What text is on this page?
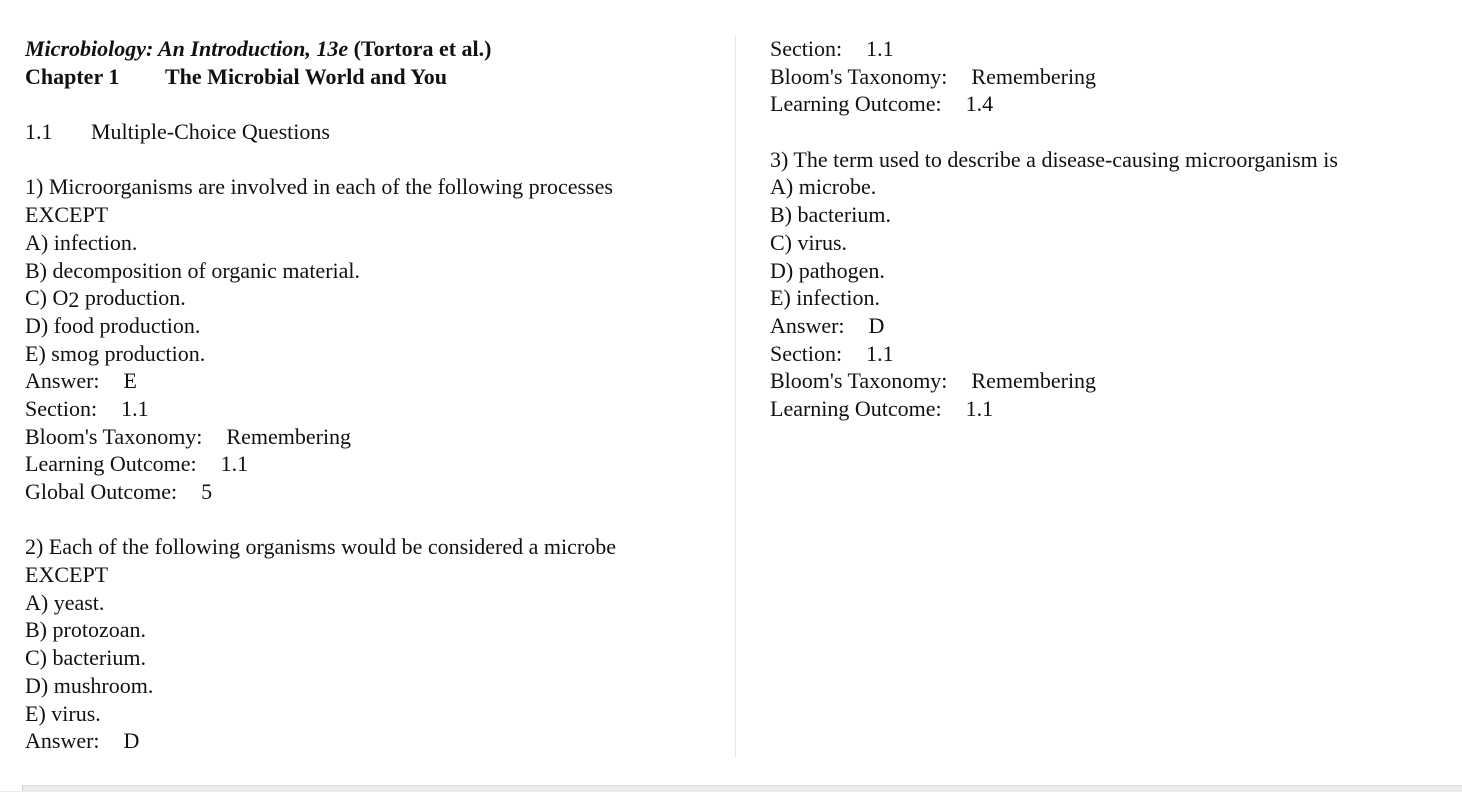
Microbiology: An Introduction, 13e (Tortora et al.)
Chapter 1 The Microbial World and You
1.1 Multiple-Choice Questions
1) Microorganisms are involved in each of the following processes
EXCEPT
A) infection.
B) decomposition of organic material.
C) O2 production.
D) food production.
E) smog production.
Answer: E
Section: 1.1
Bloom's Taxonomy: Remembering
Learning Outcome: 1.1
Global Outcome: 5
2) Each of the following organisms would be considered a microbe
EXCEPT
A) yeast.
B) protozoan.
C) bacterium.
D) mushroom.
E) virus.
Answer: D
Section: 1.1
Bloom's Taxonomy: Remembering
Learning Outcome: 1.4
3) The term used to describe a disease-causing microorganism is
A) microbe.
B) bacterium.
C) virus.
D) pathogen.
E) infection.
Answer: D
Section: 1.1
Bloom's Taxonomy: Remembering
Learning Outcome: 1.1
